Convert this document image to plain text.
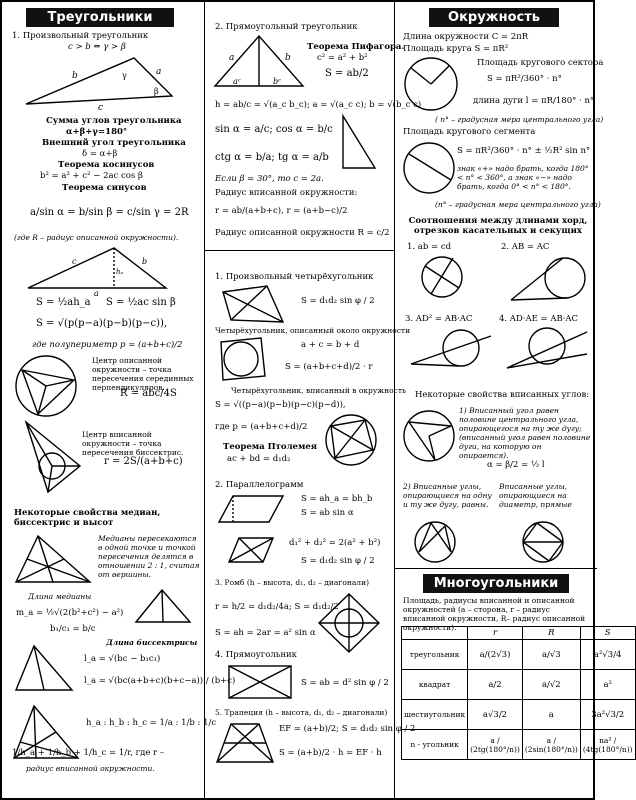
Треугольники
1. Произвольный треугольник
c > b ⇔ γ > β
b	a
c
γ
β
Сумма углов треугольника
α+β+γ=180°
Внешний угол треугольника
δ = α+β
Теорема косинусов
b² = a² + c² − 2ac cos β
Теорема синусов
a/sin α = b/sin β = c/sin γ = 2R
(где R – радиус описанной окружности).
c	b
hₐ
a
S = ½ah_a S = ½ac sin β
S = √(p(p−a)(p−b)(p−c)),
где полупериметр p = (a+b+c)/2
Центр описанной окружности – точка пересечения серединных перпендикуляров.
R = abc/4S
Центр вписанной окружности – точка пересечения биссектрис.
r = 2S/(a+b+c)
Некоторые свойства медиан, биссектрис и высот
Медианы пересекаются в одной точке и точкой пересечения делятся в отношении 2 : 1, считая от вершины.
Длина медианы
m_a = ½√(2(b²+c²) − a²)
b₁/c₁ = b/c
Длина биссектрисы
l_a = √(bc − b₁c₁)
l_a = √(bc(a+b+c)(b+c−a)) / (b+c)
h_a : h_b : h_c = 1/a : 1/b : 1/c
1/h_a + 1/h_b + 1/h_c = 1/r, где r –
радиус вписанной окружности.
2. Прямоугольный треугольник
a	b
aᶜ	bᶜ
Теорема Пифагора.
c² = a² + b²
S = ab/2
h = ab/c = √(a_c b_c); a = √(a_c c); b = √(b_c c)
sin α = a/c; cos α = b/c
ctg α = b/a; tg α = a/b
Если β = 30°, то c = 2a.
Радиус вписанной окружности:
r = ab/(a+b+c), r = (a+b−c)/2
Радиус описанной окружности R = c/2
1. Произвольный четырёхугольник
S = d₁d₂ sin φ / 2
Четырёхугольник, описанный около окружности
a + c = b + d
S = (a+b+c+d)/2 · r
Четырёхугольник, вписанный в окружность
S = √((p−a)(p−b)(p−c)(p−d)),
где p = (a+b+c+d)/2
Теорема Птолемея
ac + bd = d₁d₂
2. Параллелограмм
S = ah_a = bh_b
S = ab sin α
d₁² + d₂² = 2(a² + b²)
S = d₁d₂ sin φ / 2
3. Ромб (h – высота, d₁, d₂ – диагонали)
r = h/2 = d₁d₂/4a; S = d₁d₂/2
S = ah = 2ar = a² sin α
4. Прямоугольник
S = ab = d² sin φ / 2
5. Трапеция (h – высота, d₁, d₂ – диагонали)
EF = (a+b)/2; S = d₁d₂ sin φ / 2
S = (a+b)/2 · h = EF · h
Окружность
Длина окружности C = 2πR
Площадь круга S = πR²
Площадь кругового сектора
S = πR²/360° · n°
длина дуги l = πR/180° · n°
( n° – градусная мера центрального угла)
Площадь кругового сегмента
S = πR²/360° · n° ± ½R² sin n°
знак «+» надо брать, когда 180° < n° < 360°, а знак «−» надо брать, когда 0° < n° < 180°.
(n° – градусная мера центрального угла)
Соотношения между длинами хорд, отрезков касательных и секущих
1. ab = cd	2. AB = AC
3. AD² = AB·AC	4. AD·AE = AB·AC
Некоторые свойства вписанных углов:
1) Вписанный угол равен половине центрального угла, опирающегося на ту же дугу; (вписанный угол равен половине дуги, на которую он опирается).
α = β/2 = ½ l
2) Вписанные углы, опирающиеся на одну и ту же дугу, равны.
Вписанные углы, опирающиеся на диаметр, прямые
Многоугольники
Площадь, радиусы вписанной и описанной окружностей (a – сторона, r – радиус вписанной окружности, R– радиус описанной окружности).
	r	R	S
треугольник	a/(2√3)	a/√3	a²√3/4
квадрат	a/2	a/√2	a²
шестиугольник	a√3/2	a	3a²√3/2
n - угольник	a / (2tg(180°/n))	a / (2sin(180°/n))	na² / (4tg(180°/n))
